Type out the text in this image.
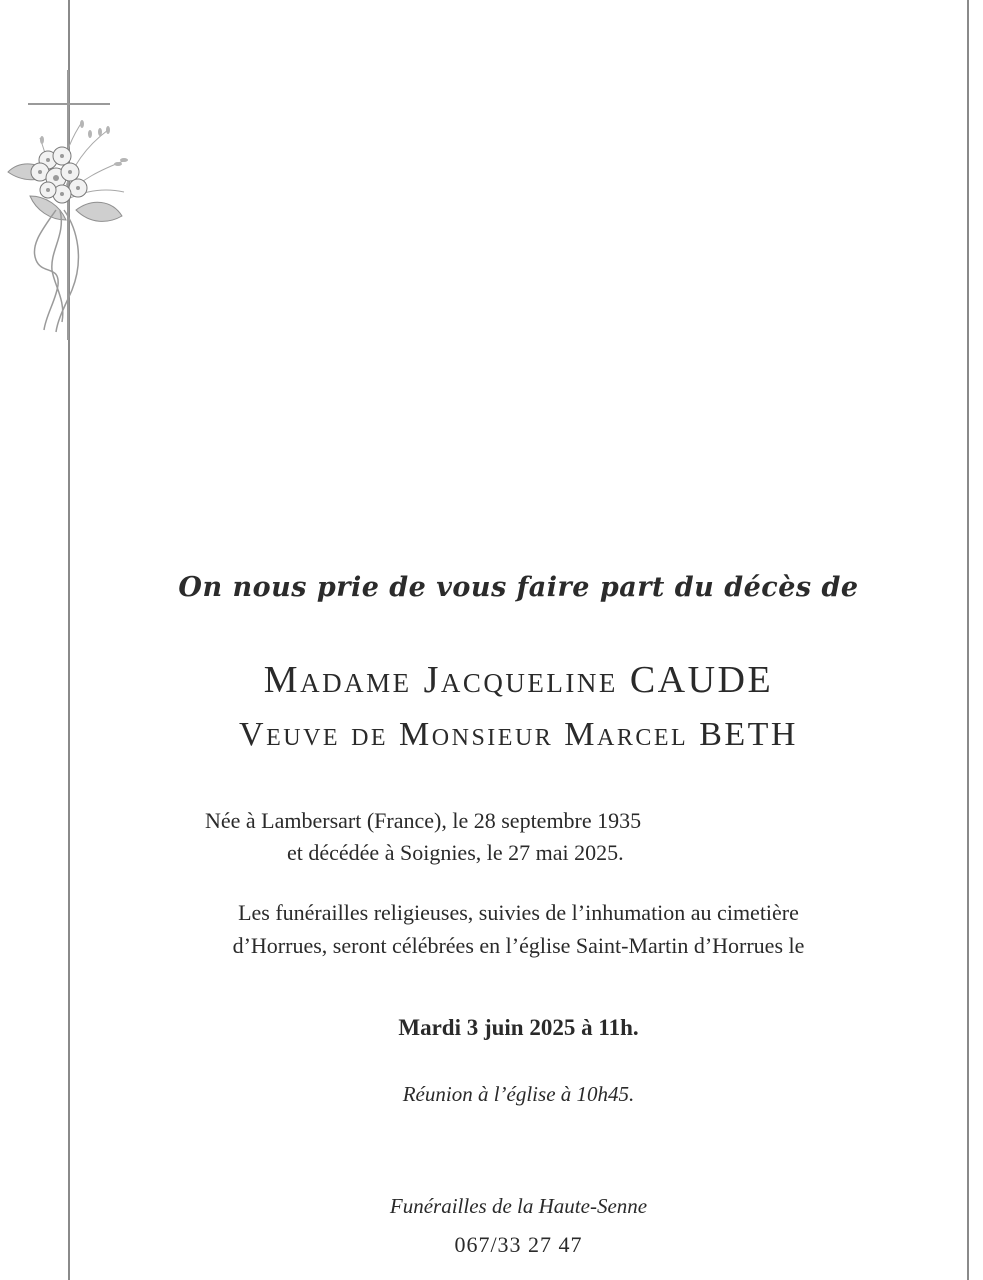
On nous prie de vous faire part du décès de
Madame Jacqueline CAUDE
Veuve de Monsieur Marcel BETH
Née à Lambersart (France), le 28 septembre 1935
et décédée à Soignies, le 27 mai 2025.
Les funérailles religieuses, suivies de l’inhumation au cimetière
d’Horrues, seront célébrées en l’église Saint-Martin d’Horrues le
Mardi 3 juin 2025 à 11h.
Réunion à l’église à 10h45.
Funérailles de la Haute-Senne
067/33 27 47
